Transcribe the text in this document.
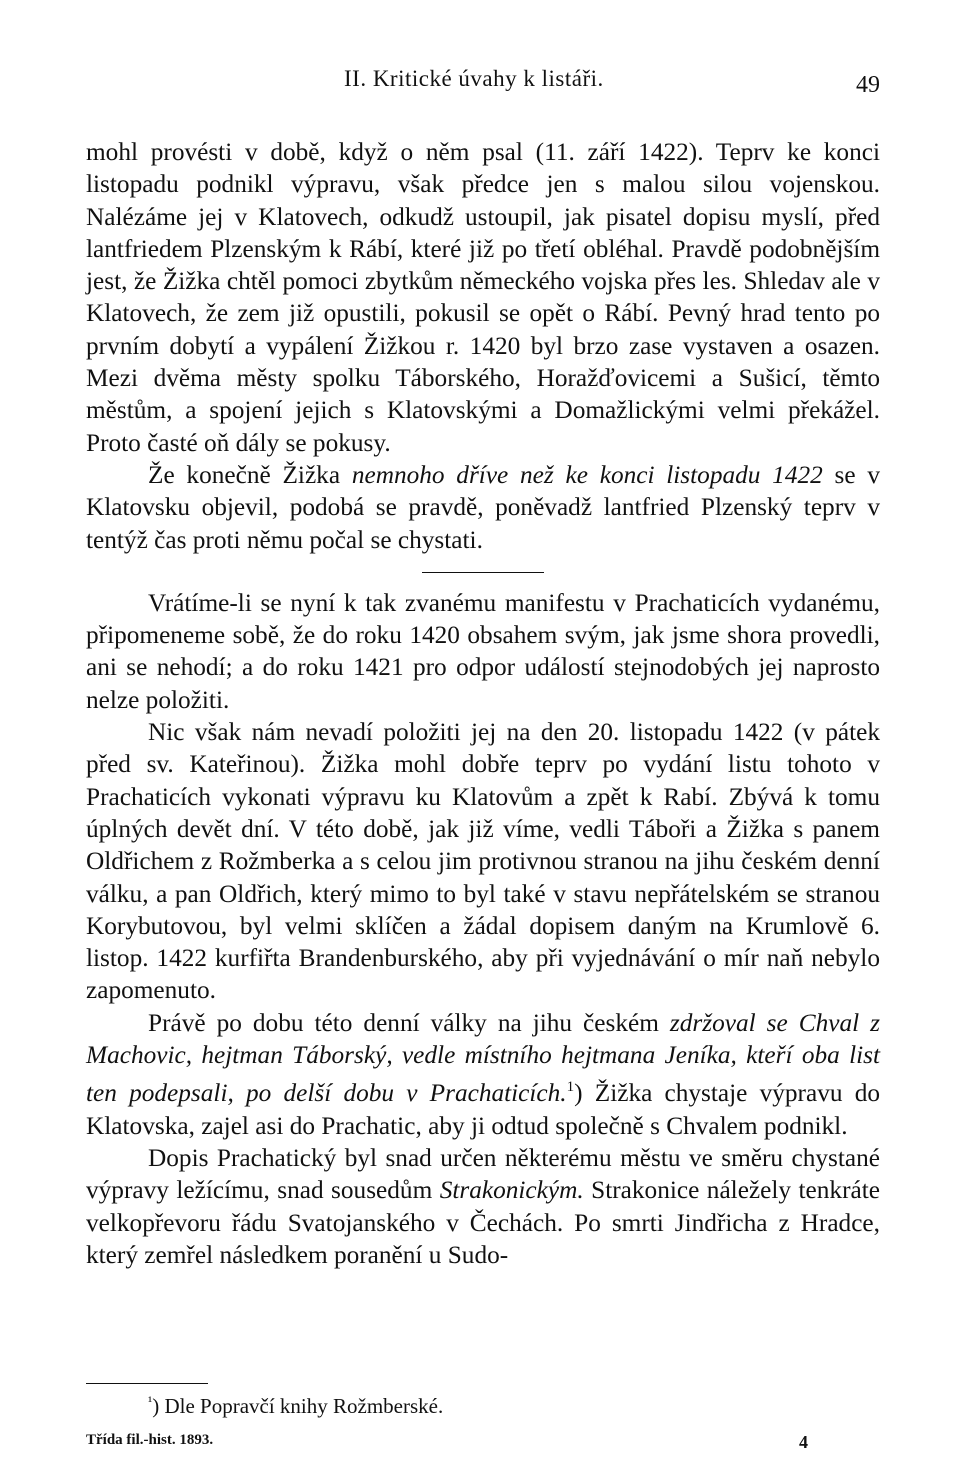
II. Kritické úvahy k listáři.	49

mohl provésti v době, když o něm psal (11. září 1422). Teprv ke konci listopadu podnikl výpravu, však předce jen s malou silou vojenskou. Nalézáme jej v Klatovech, odkudž ustoupil, jak pisatel dopisu myslí, před lantfriedem Plzenským k Rábí, které již po třetí obléhal. Pravdě podobnějším jest, že Žižka chtěl pomoci zbytkům německého vojska přes les. Shledav ale v Klatovech, že zem již opustili, pokusil se opět o Rábí. Pevný hrad tento po prvním dobytí a vypálení Žižkou r. 1420 byl brzo zase vystaven a osazen. Mezi dvěma městy spolku Táborského, Horažďovicemi a Sušicí, těmto městům, a spojení jejich s Klatovskými a Domažlickými velmi překážel. Proto časté oň dály se pokusy.

Že konečně Žižka nemnoho dříve než ke konci listopadu 1422 se v Klatovsku objevil, podobá se pravdě, poněvadž lantfried Plzenský teprv v tentýž čas proti němu počal se chystati.

Vrátíme-li se nyní k tak zvanému manifestu v Prachaticích vydanému, připomeneme sobě, že do roku 1420 obsahem svým, jak jsme shora provedli, ani se nehodí; a do roku 1421 pro odpor událostí stejnodobých jej naprosto nelze položiti.

Nic však nám nevadí položiti jej na den 20. listopadu 1422 (v pátek před sv. Kateřinou). Žižka mohl dobře teprv po vydání listu tohoto v Prachaticích vykonati výpravu ku Klatovům a zpět k Rabí. Zbývá k tomu úplných devět dní. V této době, jak již víme, vedli Táboři a Žižka s panem Oldřichem z Rožmberka a s celou jim protivnou stranou na jihu českém denní válku, a pan Oldřich, který mimo to byl také v stavu nepřátelském se stranou Korybutovou, byl velmi sklíčen a žádal dopisem daným na Krumlově 6. listop. 1422 kurfiřta Brandenburského, aby při vyjednávání o mír naň nebylo zapomenuto.

Právě po dobu této denní války na jihu českém zdržoval se Chval z Machovic, hejtman Táborský, vedle místního hejtmana Jeníka, kteří oba list ten podepsali, po delší dobu v Prachaticích.$^1$) Žižka chystaje výpravu do Klatovska, zajel asi do Prachatic, aby ji odtud společně s Chvalem podnikl.

Dopis Prachatický byl snad určen některému městu ve směru chystané výpravy ležícímu, snad sousedům Strakonickým. Strakonice náležely tenkráte velkopřevoru řádu Svatojanského v Čechách. Po smrti Jindřicha z Hradce, který zemřel následkem poranění u Sudo-

$^{^1}$) Dle Popravčí knihy Rožmberské.
Třída fil.-hist. 1893.	4
